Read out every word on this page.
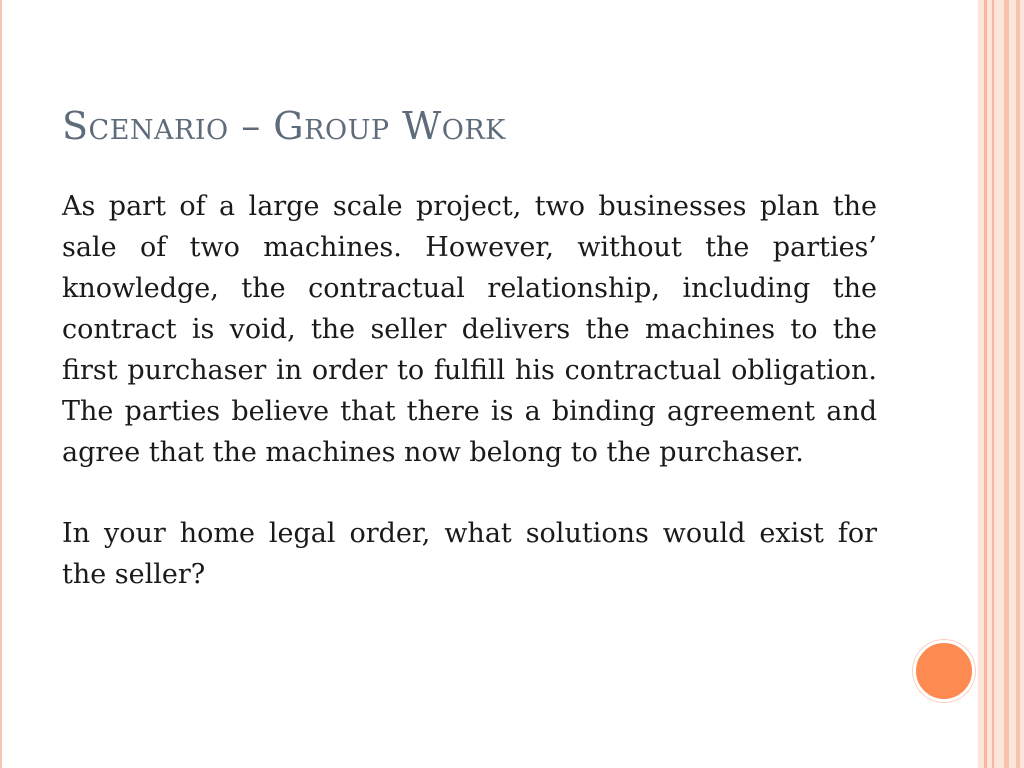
Scenario – Group Work

As part of a large scale project, two businesses plan the sale of two machines. However, without the parties’ knowledge, the contractual relationship, including the contract is void, the seller delivers the machines to the first purchaser in order to fulfill his contractual obligation. The parties believe that there is a binding agreement and agree that the machines now belong to the purchaser.

In your home legal order, what solutions would exist for the seller?
